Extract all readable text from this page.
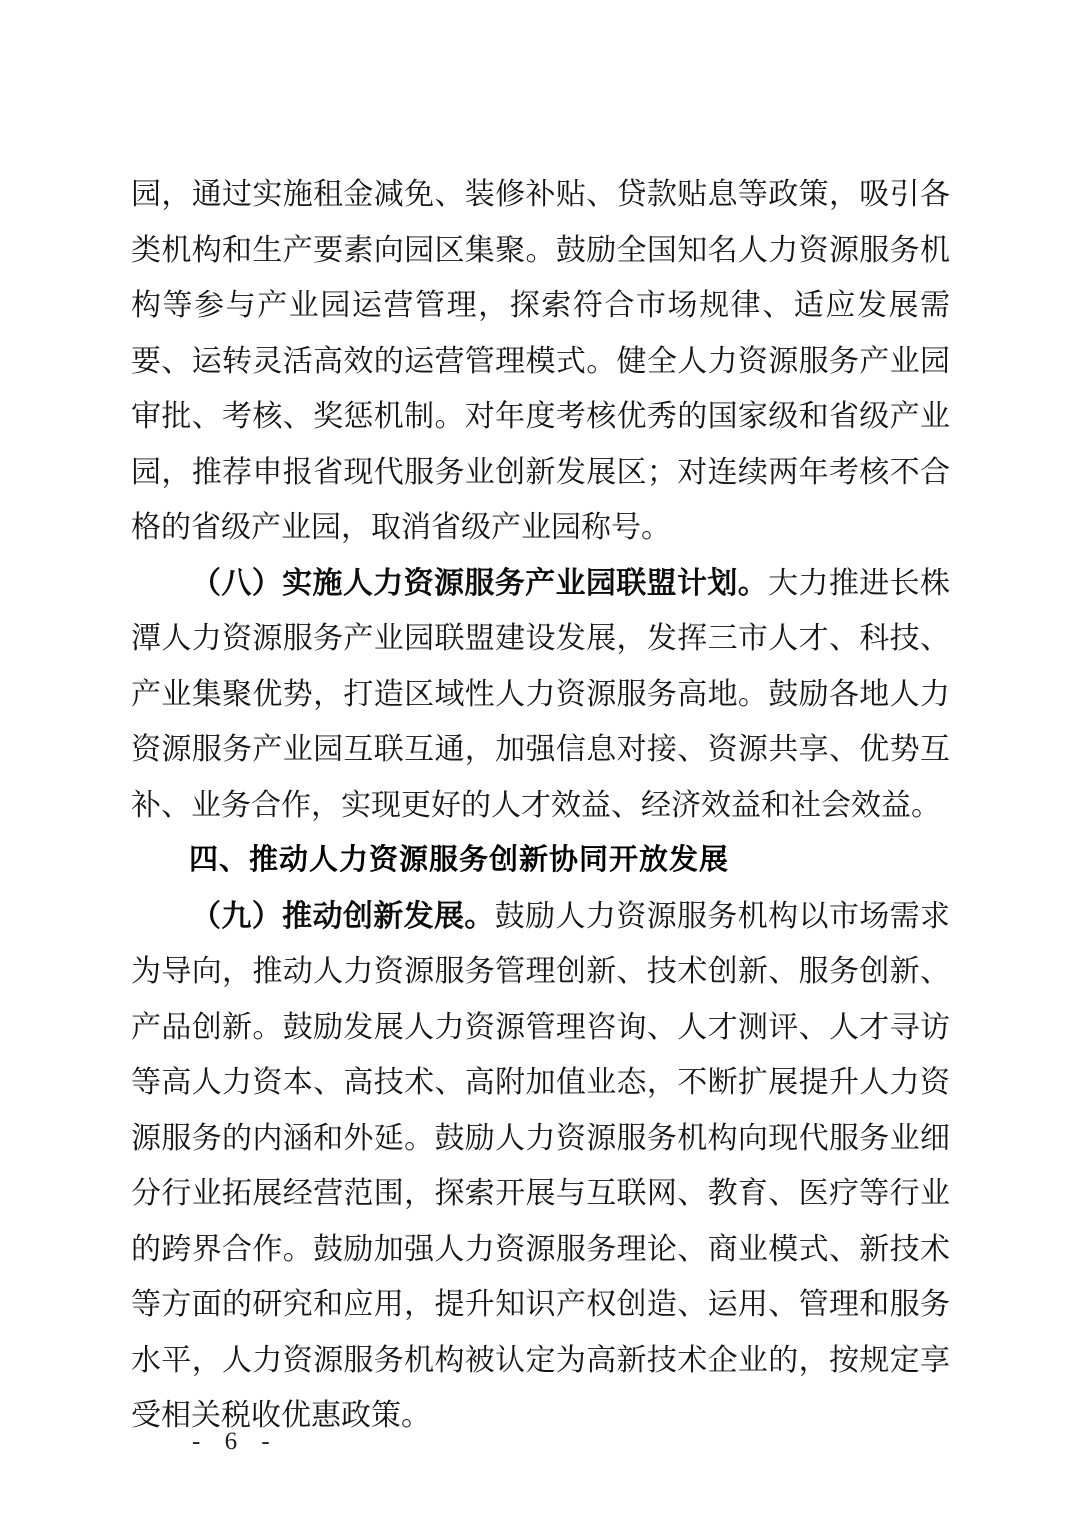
园，通过实施租金减免、装修补贴、贷款贴息等政策，吸引各类机构和生产要素向园区集聚。鼓励全国知名人力资源服务机构等参与产业园运营管理，探索符合市场规律、适应发展需要、运转灵活高效的运营管理模式。健全人力资源服务产业园审批、考核、奖惩机制。对年度考核优秀的国家级和省级产业园，推荐申报省现代服务业创新发展区；对连续两年考核不合格的省级产业园，取消省级产业园称号。

（八）实施人力资源服务产业园联盟计划。大力推进长株潭人力资源服务产业园联盟建设发展，发挥三市人才、科技、产业集聚优势，打造区域性人力资源服务高地。鼓励各地人力资源服务产业园互联互通，加强信息对接、资源共享、优势互补、业务合作，实现更好的人才效益、经济效益和社会效益。

四、推动人力资源服务创新协同开放发展

（九）推动创新发展。鼓励人力资源服务机构以市场需求为导向，推动人力资源服务管理创新、技术创新、服务创新、产品创新。鼓励发展人力资源管理咨询、人才测评、人才寻访等高人力资本、高技术、高附加值业态，不断扩展提升人力资源服务的内涵和外延。鼓励人力资源服务机构向现代服务业细分行业拓展经营范围，探索开展与互联网、教育、医疗等行业的跨界合作。鼓励加强人力资源服务理论、商业模式、新技术等方面的研究和应用，提升知识产权创造、运用、管理和服务水平，人力资源服务机构被认定为高新技术企业的，按规定享受相关税收优惠政策。

- 6 -
